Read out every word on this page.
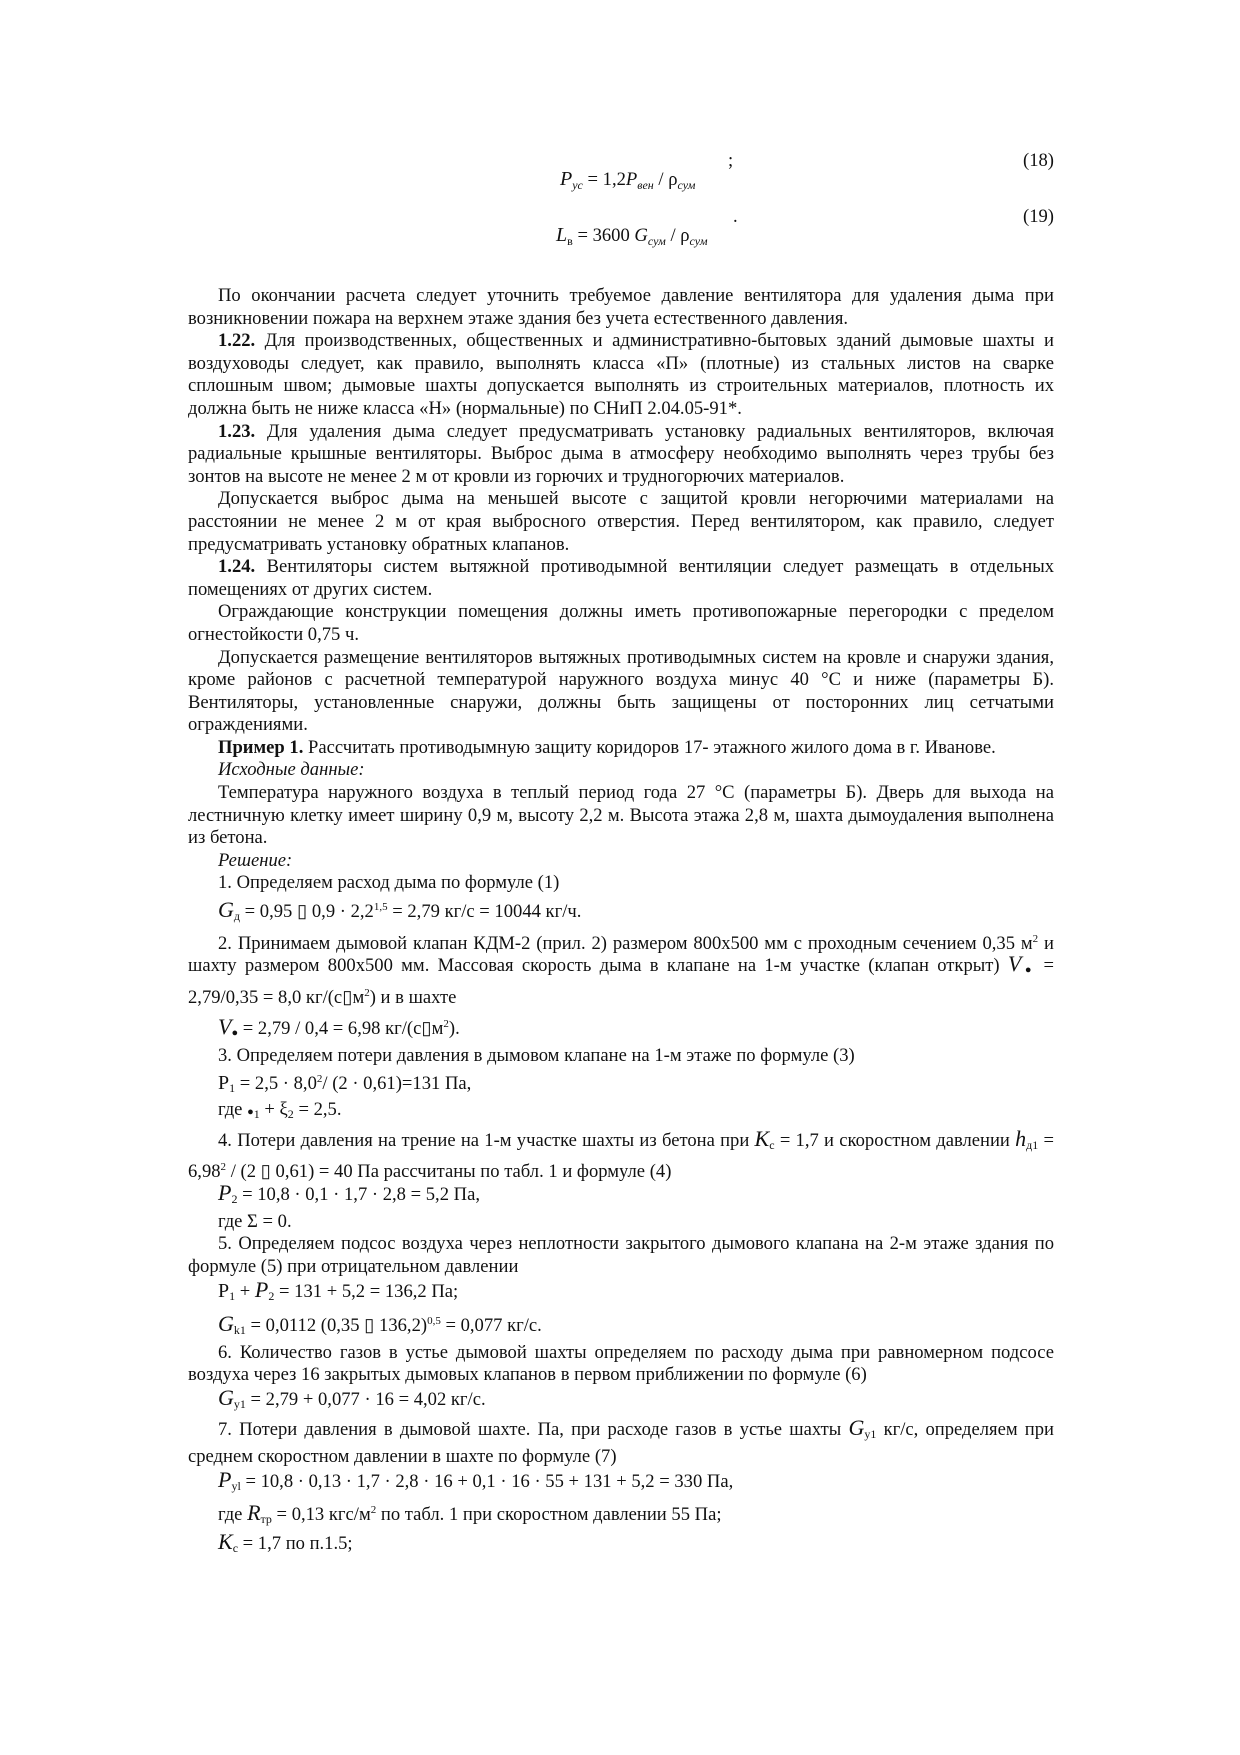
$P_{ус} = 1,2P_{вен} / \rho_{сум}$
;	(18)
$L_в = 3600$ $G_{сум} / \rho_{сум}$
.	(19)

По окончании расчета следует уточнить требуемое давление вентилятора для удаления дыма при возникновении пожара на верхнем этаже здания без учета естественного давления.

1.22. Для производственных, общественных и административно-бытовых зданий дымовые шахты и воздуховоды следует, как правило, выполнять класса «П» (плотные) из стальных листов на сварке сплошным швом; дымовые шахты допускается выполнять из строительных материалов, плотность их должна быть не ниже класса «Н» (нормальные) по СНиП 2.04.05-91*.

1.23. Для удаления дыма следует предусматривать установку радиальных вентиляторов, включая радиальные крышные вентиляторы. Выброс дыма в атмосферу необходимо выполнять через трубы без зонтов на высоте не менее 2 м от кровли из горючих и трудногорючих материалов.

Допускается выброс дыма на меньшей высоте с защитой кровли негорючими материалами на расстоянии не менее 2 м от края выбросного отверстия. Перед вентилятором, как правило, следует предусматривать установку обратных клапанов.

1.24. Вентиляторы систем вытяжной противодымной вентиляции следует размещать в отдельных помещениях от других систем.

Ограждающие конструкции помещения должны иметь противопожарные перегородки с пределом огнестойкости 0,75 ч.

Допускается размещение вентиляторов вытяжных противодымных систем на кровле и снаружи здания, кроме районов с расчетной температурой наружного воздуха минус 40 °С и ниже (параметры Б). Вентиляторы, установленные снаружи, должны быть защищены от посторонних лиц сетчатыми ограждениями.

Пример 1. Рассчитать противодымную защиту коридоров 17- этажного жилого дома в г. Иванове.

Исходные данные:

Температура наружного воздуха в теплый период года 27 °С (параметры Б). Дверь для выхода на лестничную клетку имеет ширину 0,9 м, высоту 2,2 м. Высота этажа 2,8 м, шахта дымоудаления выполнена из бетона.

Решение:

1. Определяем расход дыма по формуле (1)

Gд = 0,95 ▯ $0,9 \cdot 2,2^{1,5} = 2,79$ кг/с = 10044 кг/ч.

2. Принимаем дымовой клапан КДМ-2 (прил. 2) размером 800х500 мм с проходным сечением 0,35 $м^2$ и шахту размером 800х500 мм. Массовая скорость дыма в клапане на 1-м участке (клапан открыт) V● = 2,79/0,35 = 8,0 $кг/(с▯м^2)$ и в шахте

V● = 2,79 / 0,4 = 6,98 $кг/(с▯м^2)$.

3. Определяем потери давления в дымовом клапане на 1-м этаже по формуле (3)

$P1 = 2,5 \cdot 8,0^2/$ (2 · 0,61)=131 Па,

где ●1 + ξ2 = 2,5.

4. Потери давления на трение на 1-м участке шахты из бетона при Kс = 1,7 и скоростном давлении $hд1 = 6,98^2 / (2$ ▯ 0,61) = 40 Па рассчитаны по табл. 1 и формуле (4)

P2 = 10,8 · 0,1 · 1,7 · 2,8 = 5,2 Па,

где Σ = 0.

5. Определяем подсос воздуха через неплотности закрытого дымового клапана на 2-м этаже здания по формуле (5) при отрицательном давлении

P1 + P2 = 131 + 5,2 = 136,2 Па;

Gk1 = 0,0112 (0,35 ▯ 136,2)$^{0,5}$ = 0,077 кг/с.

6. Количество газов в устье дымовой шахты определяем по расходу дыма при равномерном подсосе воздуха через 16 закрытых дымовых клапанов в первом приближении по формуле (6)

Gу1 = 2,79 + 0,077 · 16 = 4,02 кг/с.

7. Потери давления в дымовой шахте. Па, при расходе газов в устье шахты Gу1 кг/с, определяем при среднем скоростном давлении в шахте по формуле (7)

Pyl = 10,8 · 0,13 · 1,7 · 2,8 · 16 + 0,1 · 16 · 55 + 131 + 5,2 = 330 Па,

где Rтр = 0,13 кгс/$м^2$ по табл. 1 при скоростном давлении 55 Па;

Kс = 1,7 по п.1.5;
